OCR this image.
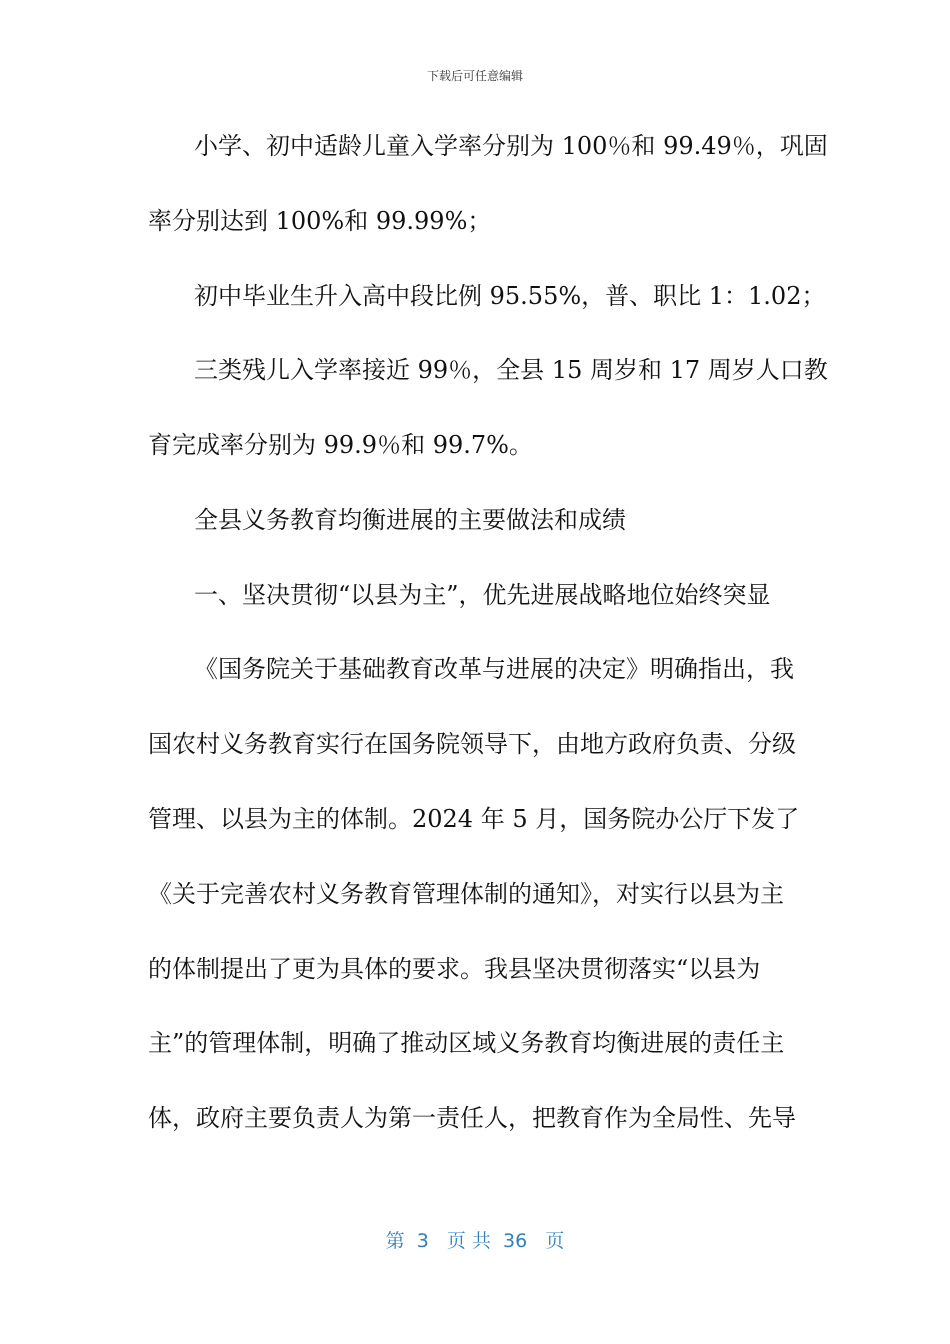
下载后可任意编辑
小学、初中适龄儿童入学率分别为 100％和 99.49％，巩固
率分别达到 100%和 99.99%；
初中毕业生升入高中段比例 95.55%，普、职比 1：1.02；
三类残儿入学率接近 99％，全县 15 周岁和 17 周岁人口教
育完成率分别为 99.9％和 99.7%。
全县义务教育均衡进展的主要做法和成绩
一、坚决贯彻“以县为主”，优先进展战略地位始终突显
《国务院关于基础教育改革与进展的决定》明确指出，我
国农村义务教育实行在国务院领导下，由地方政府负责、分级
管理、以县为主的体制。2024 年 5 月，国务院办公厅下发了
《关于完善农村义务教育管理体制的通知》，对实行以县为主
的体制提出了更为具体的要求。我县坚决贯彻落实“以县为
主”的管理体制，明确了推动区域义务教育均衡进展的责任主
体，政府主要负责人为第一责任人，把教育作为全局性、先导
第  3   页 共  36   页
